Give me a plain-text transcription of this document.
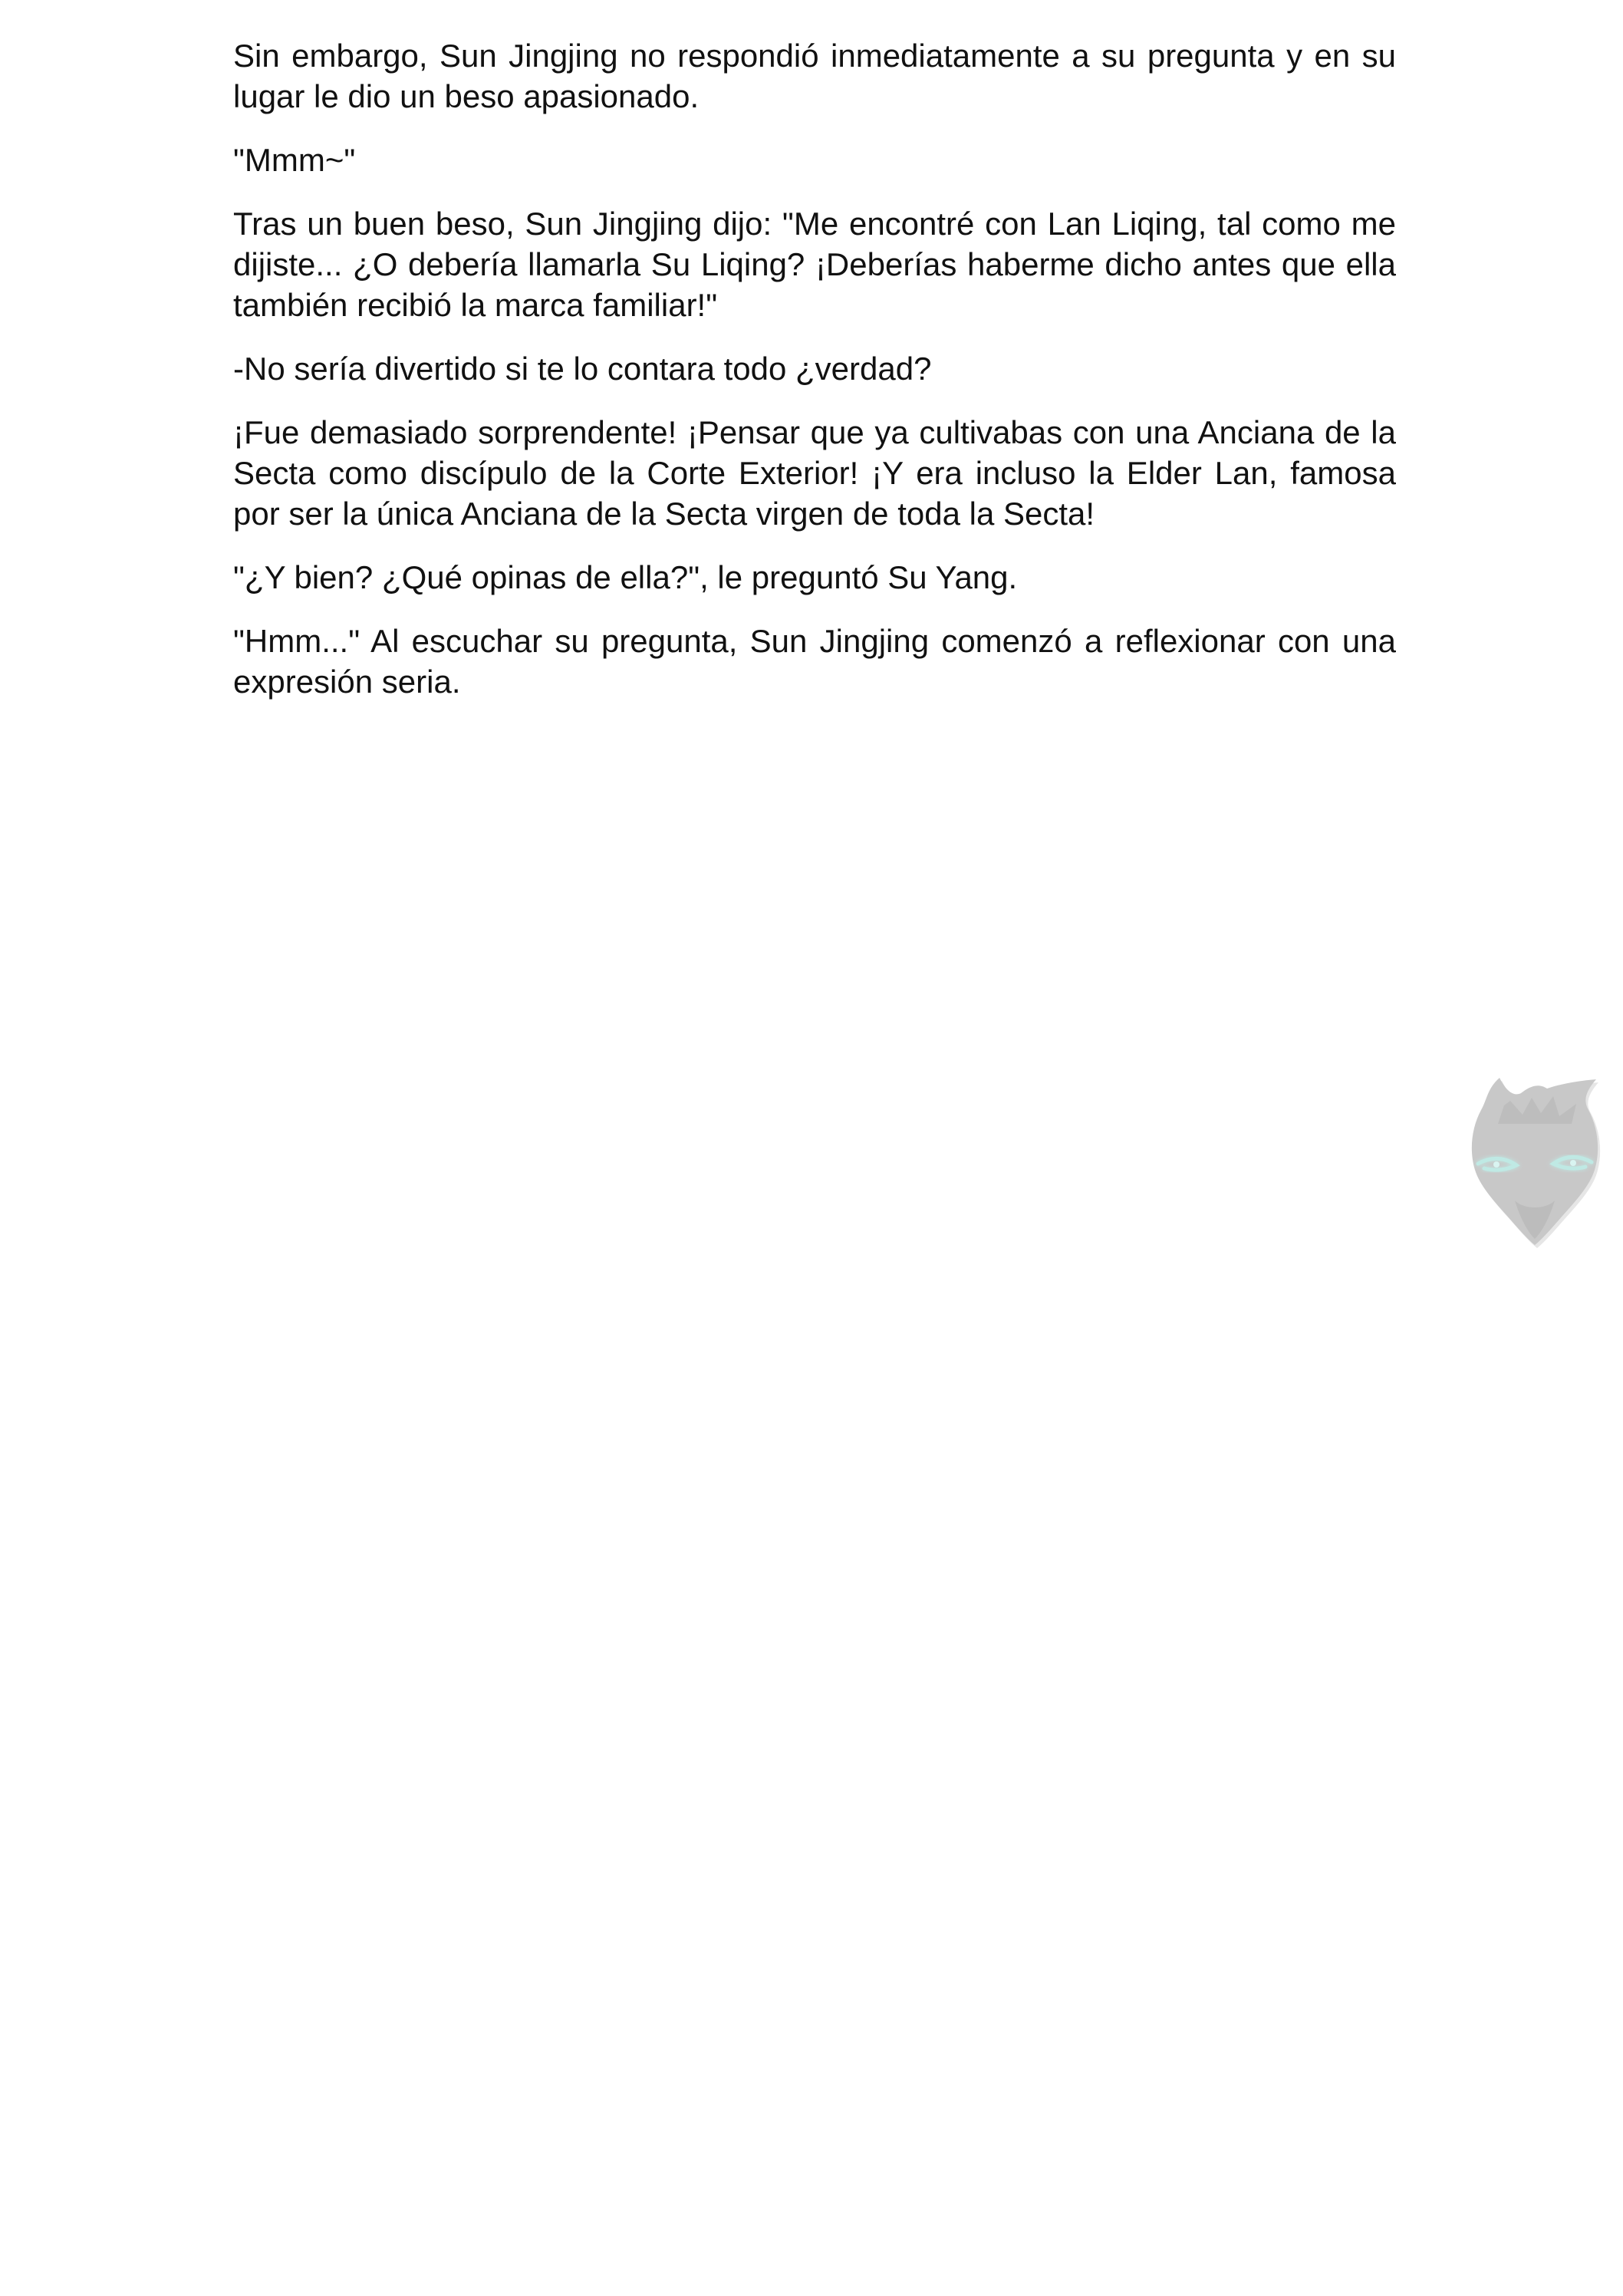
Sin embargo, Sun Jingjing no respondió inmediatamente a su pregunta y en su lugar le dio un beso apasionado.

"Mmm~"

Tras un buen beso, Sun Jingjing dijo: "Me encontré con Lan Liqing, tal como me dijiste... ¿O debería llamarla Su Liqing? ¡Deberías haberme dicho antes que ella también recibió la marca familiar!"

-No sería divertido si te lo contara todo ¿verdad?

¡Fue demasiado sorprendente! ¡Pensar que ya cultivabas con una Anciana de la Secta como discípulo de la Corte Exterior! ¡Y era incluso la Elder Lan, famosa por ser la única Anciana de la Secta virgen de toda la Secta!

"¿Y bien? ¿Qué opinas de ella?", le preguntó Su Yang.

"Hmm..." Al escuchar su pregunta, Sun Jingjing comenzó a reflexionar con una expresión seria.
